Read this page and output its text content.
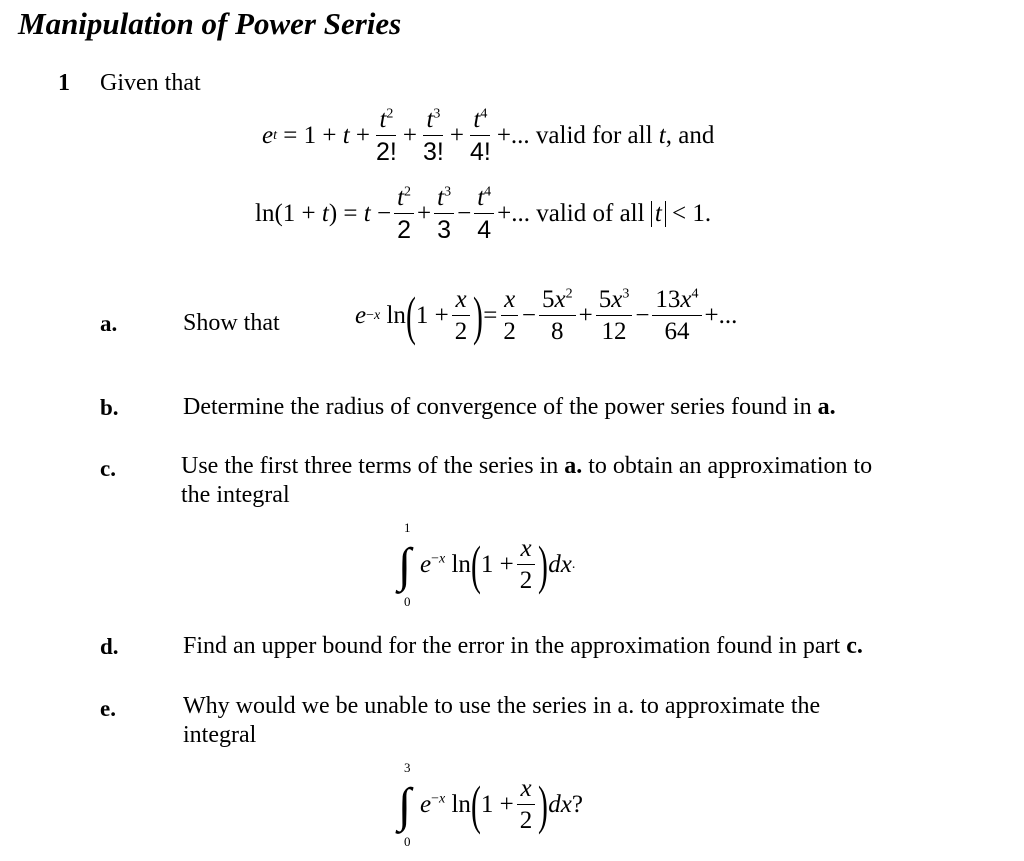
Manipulation of Power Series
1 Given that
e $t = 1 + t + \frac{t^2}{2!} + \frac{t^3}{3!} + \frac{t^4}{4!}$ +... valid for all t, and
$\ln(1 + t) = t - \frac{t^2}{2} + \frac{t^3}{3} - \frac{t^4}{4}$ +... valid of all t < 1.
a.	Show that	e −x ln ( $1 + \frac{x}{2}$ ) = $\frac{x}{2} - \frac{5x^2}{8} + \frac{5x^3}{12} - \frac{13x^4}{64}$ +...
b.	Determine the radius of convergence of the power series found in a.
c.	Use the first three terms of the series in a. to obtain an approximation to
the integral
1
∫
0
$e^{-x}$ ln ( $1 + \frac{x}{2}$ ) dx .
d.	Find an upper bound for the error in the approximation found in part c.
e.	Why would we be unable to use the series in a. to approximate the
integral
3
∫
0
$e^{-x}$ ln ( $1 + \frac{x}{2}$ ) dx ?
